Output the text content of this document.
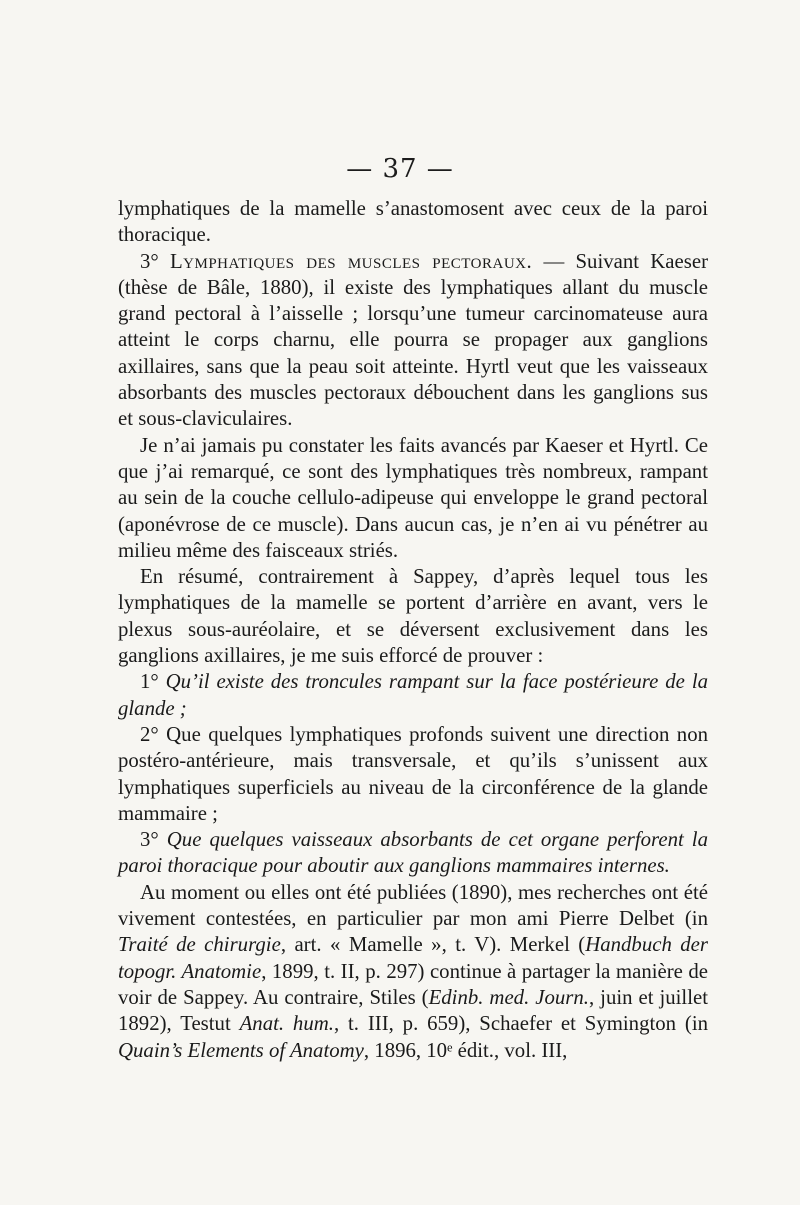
— 37 —

lymphatiques de la mamelle s’anastomosent avec ceux de la paroi thoracique.

3° Lymphatiques des muscles pectoraux. — Suivant Kaeser (thèse de Bâle, 1880), il existe des lymphatiques allant du muscle grand pectoral à l’aisselle ; lorsqu’une tumeur carcinomateuse aura atteint le corps charnu, elle pourra se propager aux ganglions axillaires, sans que la peau soit atteinte. Hyrtl veut que les vaisseaux absorbants des muscles pectoraux débouchent dans les ganglions sus et sous-claviculaires.

Je n’ai jamais pu constater les faits avancés par Kaeser et Hyrtl. Ce que j’ai remarqué, ce sont des lymphatiques très nombreux, rampant au sein de la couche cellulo-adipeuse qui enveloppe le grand pectoral (aponévrose de ce muscle). Dans aucun cas, je n’en ai vu pénétrer au milieu même des faisceaux striés.

En résumé, contrairement à Sappey, d’après lequel tous les lymphatiques de la mamelle se portent d’arrière en avant, vers le plexus sous-auréolaire, et se déversent exclusivement dans les ganglions axillaires, je me suis efforcé de prouver :

1° Qu’il existe des troncules rampant sur la face postérieure de la glande ;

2° Que quelques lymphatiques profonds suivent une direction non postéro-antérieure, mais transversale, et qu’ils s’unissent aux lymphatiques superficiels au niveau de la circonférence de la glande mammaire ;

3° Que quelques vaisseaux absorbants de cet organe perforent la paroi thoracique pour aboutir aux ganglions mammaires internes.

Au moment ou elles ont été publiées (1890), mes recherches ont été vivement contestées, en particulier par mon ami Pierre Delbet (in Traité de chirurgie, art. « Mamelle », t. V). Merkel (Handbuch der topogr. Anatomie, 1899, t. II, p. 297) continue à partager la manière de voir de Sappey. Au contraire, Stiles (Edinb. med. Journ., juin et juillet 1892), Testut Anat. hum., t. III, p. 659), Schaefer et Symington (in Quain’s Elements of Anatomy, 1896, 10ᵉ édit., vol. III,
